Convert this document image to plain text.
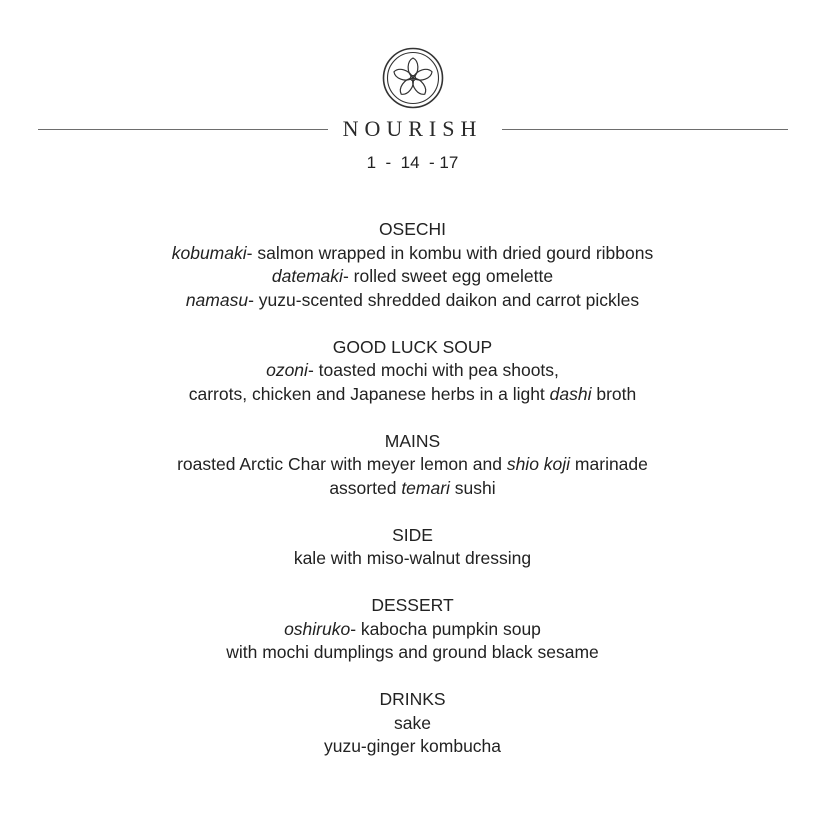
NOURISH
1  -  14  - 17
OSECHI
kobumaki- salmon wrapped in kombu with dried gourd ribbons
datemaki- rolled sweet egg omelette
namasu- yuzu-scented shredded daikon and carrot pickles
GOOD LUCK SOUP
ozoni- toasted mochi with pea shoots,
carrots, chicken and Japanese herbs in a light dashi broth
MAINS
roasted Arctic Char with meyer lemon and shio koji marinade
assorted temari sushi
SIDE
kale with miso-walnut dressing
DESSERT
oshiruko- kabocha pumpkin soup
with mochi dumplings and ground black sesame
DRINKS
sake
yuzu-ginger kombucha
